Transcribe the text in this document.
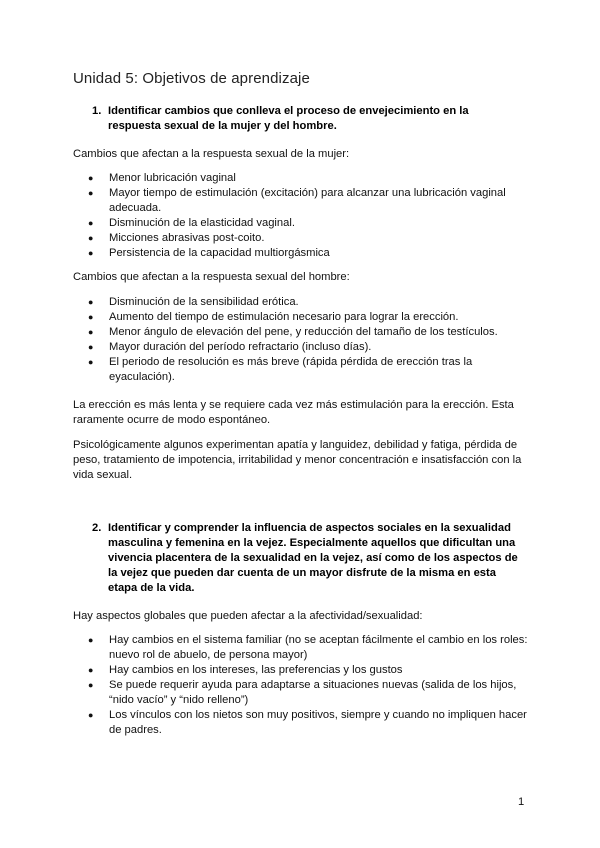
Unidad 5: Objetivos de aprendizaje
1. Identificar cambios que conlleva el proceso de envejecimiento en la respuesta sexual de la mujer y del hombre.
Cambios que afectan a la respuesta sexual de la mujer:
● Menor lubricación vaginal
● Mayor tiempo de estimulación (excitación) para alcanzar una lubricación vaginal adecuada.
● Disminución de la elasticidad vaginal.
● Micciones abrasivas post-coito.
● Persistencia de la capacidad multiorgásmica
Cambios que afectan a la respuesta sexual del hombre:
● Disminución de la sensibilidad erótica.
● Aumento del tiempo de estimulación necesario para lograr la erección.
● Menor ángulo de elevación del pene, y reducción del tamaño de los testículos.
● Mayor duración del período refractario (incluso días).
● El periodo de resolución es más breve (rápida pérdida de erección tras la eyaculación).
La erección es más lenta y se requiere cada vez más estimulación para la erección. Esta raramente ocurre de modo espontáneo.
Psicológicamente algunos experimentan apatía y languidez, debilidad y fatiga, pérdida de peso, tratamiento de impotencia, irritabilidad y menor concentración e insatisfacción con la vida sexual.
2. Identificar y comprender la influencia de aspectos sociales en la sexualidad masculina y femenina en la vejez. Especialmente aquellos que dificultan una vivencia placentera de la sexualidad en la vejez, así como de los aspectos de la vejez que pueden dar cuenta de un mayor disfrute de la misma en esta etapa de la vida.
Hay aspectos globales que pueden afectar a la afectividad/sexualidad:
● Hay cambios en el sistema familiar (no se aceptan fácilmente el cambio en los roles: nuevo rol de abuelo, de persona mayor)
● Hay cambios en los intereses, las preferencias y los gustos
● Se puede requerir ayuda para adaptarse a situaciones nuevas (salida de los hijos, “nido vacío” y “nido relleno”)
● Los vínculos con los nietos son muy positivos, siempre y cuando no impliquen hacer de padres.
1
